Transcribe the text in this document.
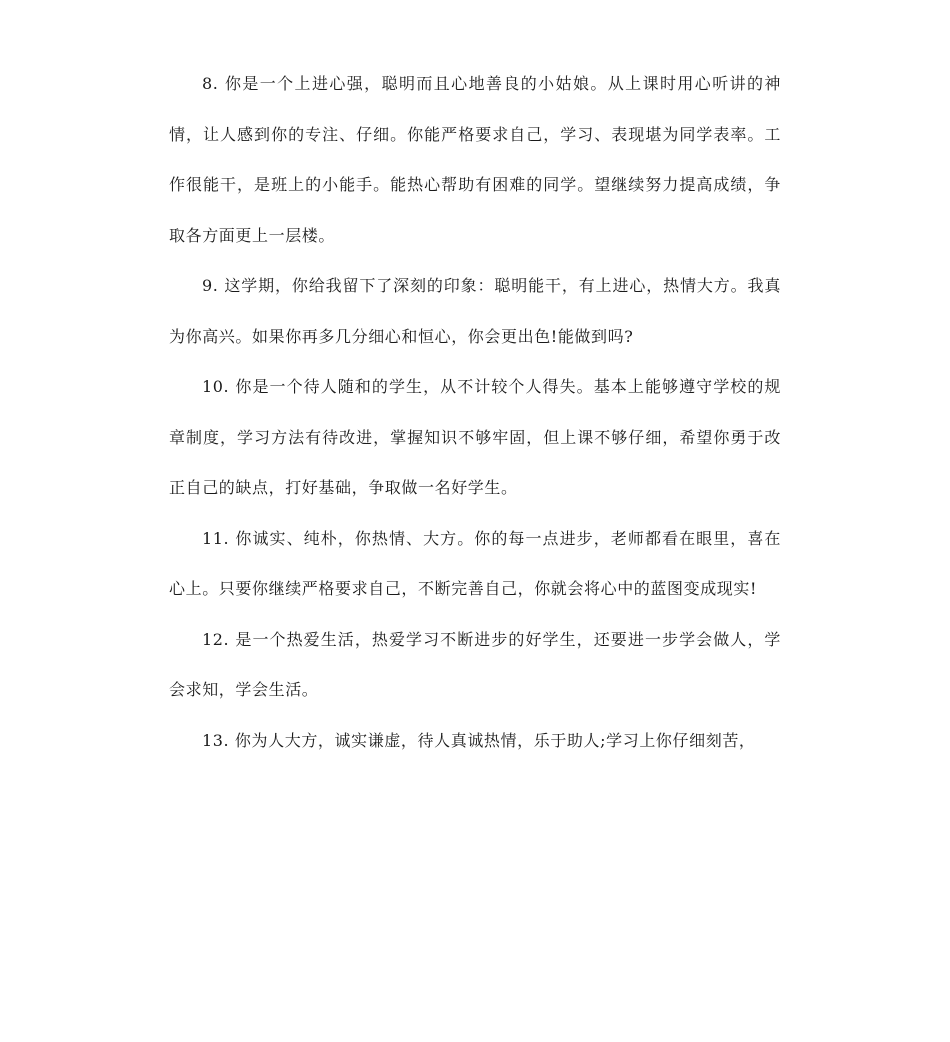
8. 你是一个上进心强，聪明而且心地善良的小姑娘。从上课时用心听讲的神情，让人感到你的专注、仔细。你能严格要求自己，学习、表现堪为同学表率。工作很能干，是班上的小能手。能热心帮助有困难的同学。望继续努力提高成绩，争取各方面更上一层楼。

9. 这学期，你给我留下了深刻的印象：聪明能干，有上进心，热情大方。我真为你高兴。如果你再多几分细心和恒心，你会更出色!能做到吗?

10. 你是一个待人随和的学生，从不计较个人得失。基本上能够遵守学校的规章制度，学习方法有待改进，掌握知识不够牢固，但上课不够仔细，希望你勇于改正自己的缺点，打好基础，争取做一名好学生。

11. 你诚实、纯朴，你热情、大方。你的每一点进步，老师都看在眼里，喜在心上。只要你继续严格要求自己，不断完善自己，你就会将心中的蓝图变成现实!

12. 是一个热爱生活，热爱学习不断进步的好学生，还要进一步学会做人，学会求知，学会生活。

13. 你为人大方，诚实谦虚，待人真诚热情，乐于助人;学习上你仔细刻苦，
